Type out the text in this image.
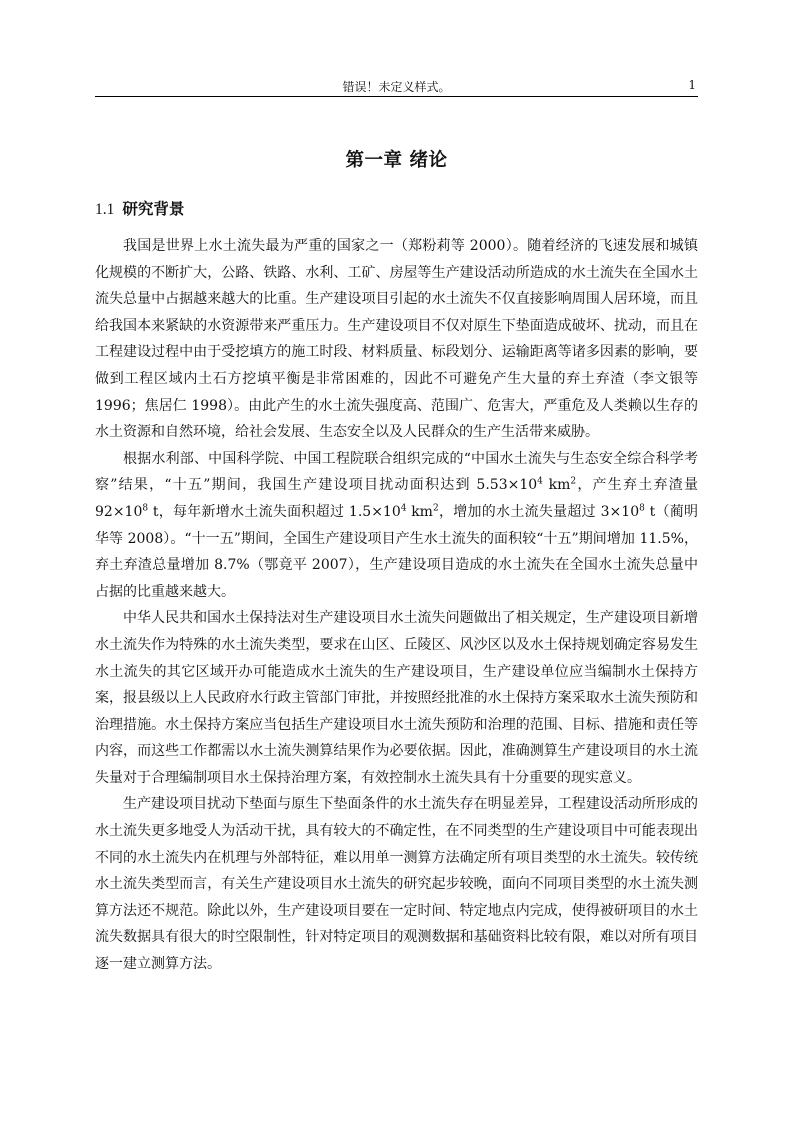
错误！未定义样式。	1
第一章 绪论
1.1 研究背景

我国是世界上水土流失最为严重的国家之一（郑粉莉等 2000）。随着经济的飞速发展和城镇化规模的不断扩大，公路、铁路、水利、工矿、房屋等生产建设活动所造成的水土流失在全国水土流失总量中占据越来越大的比重。生产建设项目引起的水土流失不仅直接影响周围人居环境，而且给我国本来紧缺的水资源带来严重压力。生产建设项目不仅对原生下垫面造成破坏、扰动，而且在工程建设过程中由于受挖填方的施工时段、材料质量、标段划分、运输距离等诸多因素的影响，要做到工程区域内土石方挖填平衡是非常困难的，因此不可避免产生大量的弃土弃渣（李文银等 1996；焦居仁 1998）。由此产生的水土流失强度高、范围广、危害大，严重危及人类赖以生存的水土资源和自然环境，给社会发展、生态安全以及人民群众的生产生活带来威胁。

根据水利部、中国科学院、中国工程院联合组织完成的“中国水土流失与生态安全综合科学考察”结果，“十五”期间，我国生产建设项目扰动面积达到 $5.53\times 10^4$ $km^2$，产生弃土弃渣量 $92\times 10^8$ t，每年新增水土流失面积超过 $1.5\times 10^4$ $km^2$，增加的水土流失量超过 $3\times 10^8$ t（蔺明华等 2008）。“十一五”期间，全国生产建设项目产生水土流失的面积较“十五”期间增加 11.5%，弃土弃渣总量增加 8.7%（鄂竟平 2007），生产建设项目造成的水土流失在全国水土流失总量中占据的比重越来越大。

中华人民共和国水土保持法对生产建设项目水土流失问题做出了相关规定，生产建设项目新增水土流失作为特殊的水土流失类型，要求在山区、丘陵区、风沙区以及水土保持规划确定容易发生水土流失的其它区域开办可能造成水土流失的生产建设项目，生产建设单位应当编制水土保持方案，报县级以上人民政府水行政主管部门审批，并按照经批准的水土保持方案采取水土流失预防和治理措施。水土保持方案应当包括生产建设项目水土流失预防和治理的范围、目标、措施和责任等内容，而这些工作都需以水土流失测算结果作为必要依据。因此，准确测算生产建设项目的水土流失量对于合理编制项目水土保持治理方案，有效控制水土流失具有十分重要的现实意义。

生产建设项目扰动下垫面与原生下垫面条件的水土流失存在明显差异，工程建设活动所形成的水土流失更多地受人为活动干扰，具有较大的不确定性，在不同类型的生产建设项目中可能表现出不同的水土流失内在机理与外部特征，难以用单一测算方法确定所有项目类型的水土流失。较传统水土流失类型而言，有关生产建设项目水土流失的研究起步较晚，面向不同项目类型的水土流失测算方法还不规范。除此以外，生产建设项目要在一定时间、特定地点内完成，使得被研项目的水土流失数据具有很大的时空限制性，针对特定项目的观测数据和基础资料比较有限，难以对所有项目逐一建立测算方法。
